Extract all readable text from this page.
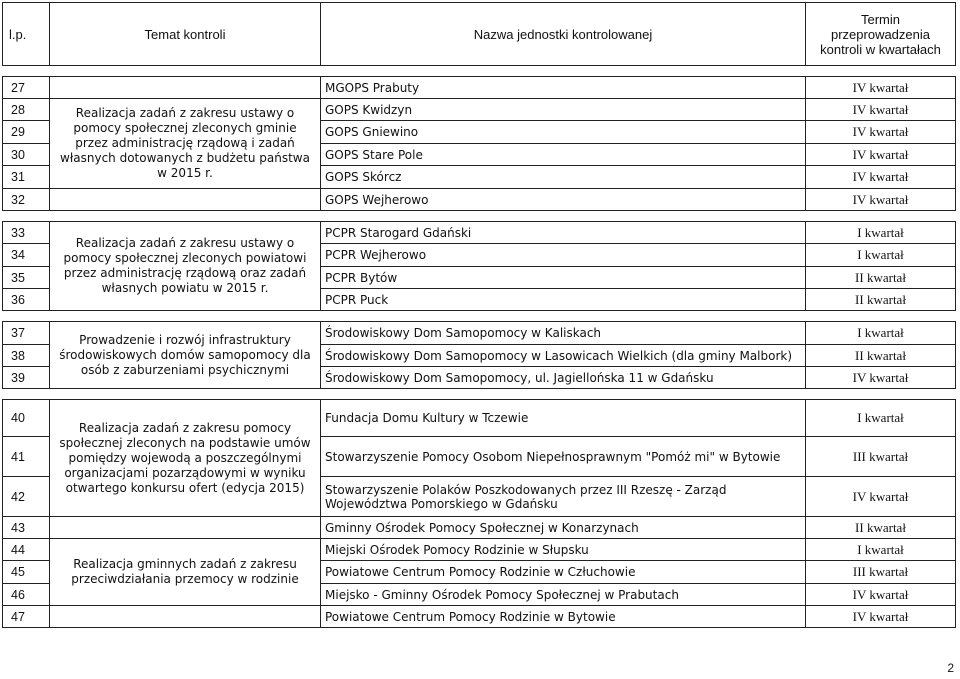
l.p.	Temat kontroli	Nazwa jednostki kontrolowanej	Termin
przeprowadzenia
kontroli w kwartałach

27		MGOPS Prabuty	IV kwartał
28	Realizacja zadań z zakresu ustawy o pomocy społecznej zleconych gminie przez administrację rządową i zadań własnych dotowanych z budżetu państwa w 2015 r.	GOPS Kwidzyn	IV kwartał
29		GOPS Gniewino	IV kwartał
30		GOPS Stare Pole	IV kwartał
31		GOPS Skórcz	IV kwartał
32		GOPS Wejherowo	IV kwartał

33	Realizacja zadań z zakresu ustawy o pomocy społecznej zleconych powiatowi przez administrację rządową oraz zadań własnych powiatu w 2015 r.	PCPR Starogard Gdański	I kwartał
34		PCPR Wejherowo	I kwartał
35		PCPR Bytów	II kwartał
36		PCPR Puck	II kwartał

37	Prowadzenie i rozwój infrastruktury środowiskowych domów samopomocy dla osób z zaburzeniami psychicznymi	Środowiskowy Dom Samopomocy w Kaliskach	I kwartał
38		Środowiskowy Dom Samopomocy w Lasowicach Wielkich (dla gminy Malbork)	II kwartał
39		Środowiskowy Dom Samopomocy, ul. Jagiellońska 11 w Gdańsku	IV kwartał

40	Realizacja zadań z zakresu pomocy społecznej zleconych na podstawie umów pomiędzy wojewodą a poszczególnymi organizacjami pozarządowymi w wyniku otwartego konkursu ofert (edycja 2015)	Fundacja Domu Kultury w Tczewie	I kwartał
41		Stowarzyszenie Pomocy Osobom Niepełnosprawnym "Pomóż mi" w Bytowie	III kwartał
42		Stowarzyszenie Polaków Poszkodowanych przez III Rzeszę - Zarząd Województwa Pomorskiego w Gdańsku	IV kwartał
43		Gminny Ośrodek Pomocy Społecznej w Konarzynach	II kwartał
44	Realizacja gminnych zadań z zakresu przeciwdziałania przemocy w rodzinie	Miejski Ośrodek Pomocy Rodzinie w Słupsku	I kwartał
45		Powiatowe Centrum Pomocy Rodzinie w Człuchowie	III kwartał
46		Miejsko - Gminny Ośrodek Pomocy Społecznej w Prabutach	IV kwartał
47		Powiatowe Centrum Pomocy Rodzinie w Bytowie	IV kwartał
2
